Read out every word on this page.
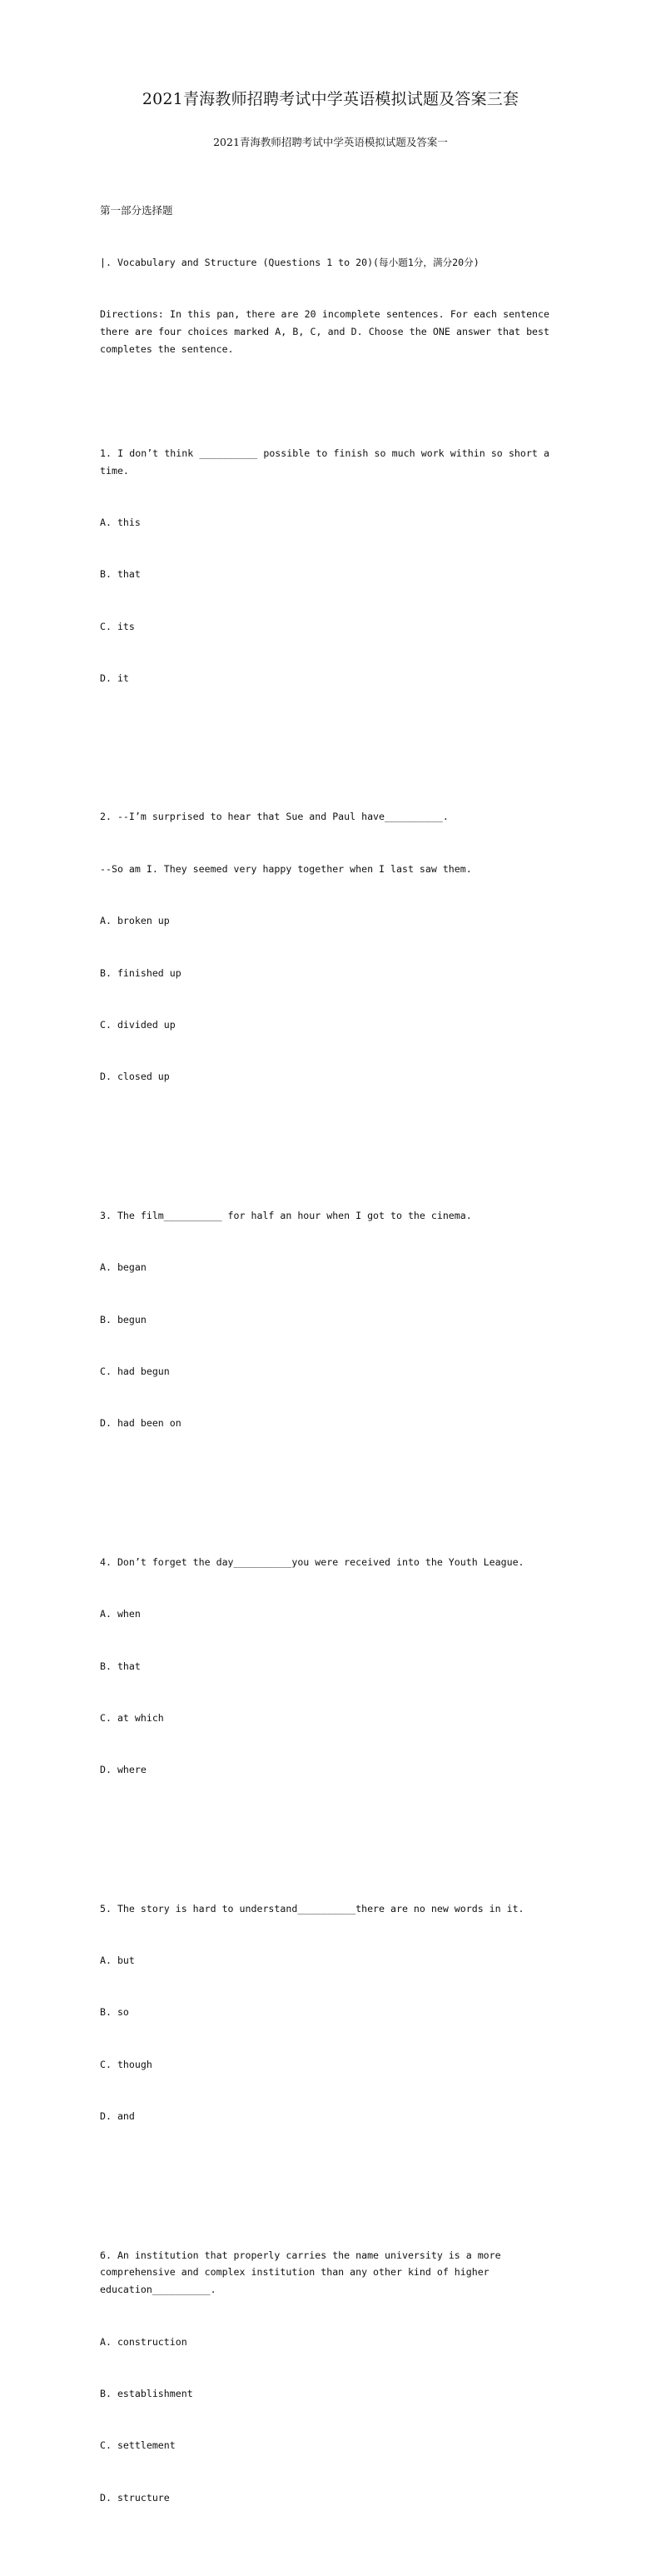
2021青海教师招聘考试中学英语模拟试题及答案三套
2021青海教师招聘考试中学英语模拟试题及答案一

第一部分选择题

|. Vocabulary and Structure (Questions 1 to 20)(每小题1分，满分20分)

Directions: In this pan, there are 20 incomplete sentences. For each sentence there are four choices marked A, B, C, and D. Choose the ONE answer that best completes the sentence.

1. I don’t think __________ possible to finish so much work within so short a time.

A. this

B. that

C. its

D. it

2. --I’m surprised to hear that Sue and Paul have__________.

--So am I. They seemed very happy together when I last saw them.

A. broken up

B. finished up

C. divided up

D. closed up

3. The film__________ for half an hour when I got to the cinema.

A. began

B. begun

C. had begun

D. had been on

4. Don’t forget the day__________you were received into the Youth League.

A. when

B. that

C. at which

D. where

5. The story is hard to understand__________there are no new words in it.

A. but

B. so

C. though

D. and

6. An institution that properly carries the name university is a more comprehensive and complex institution than any other kind of higher education__________.

A. construction

B. establishment

C. settlement

D. structure
